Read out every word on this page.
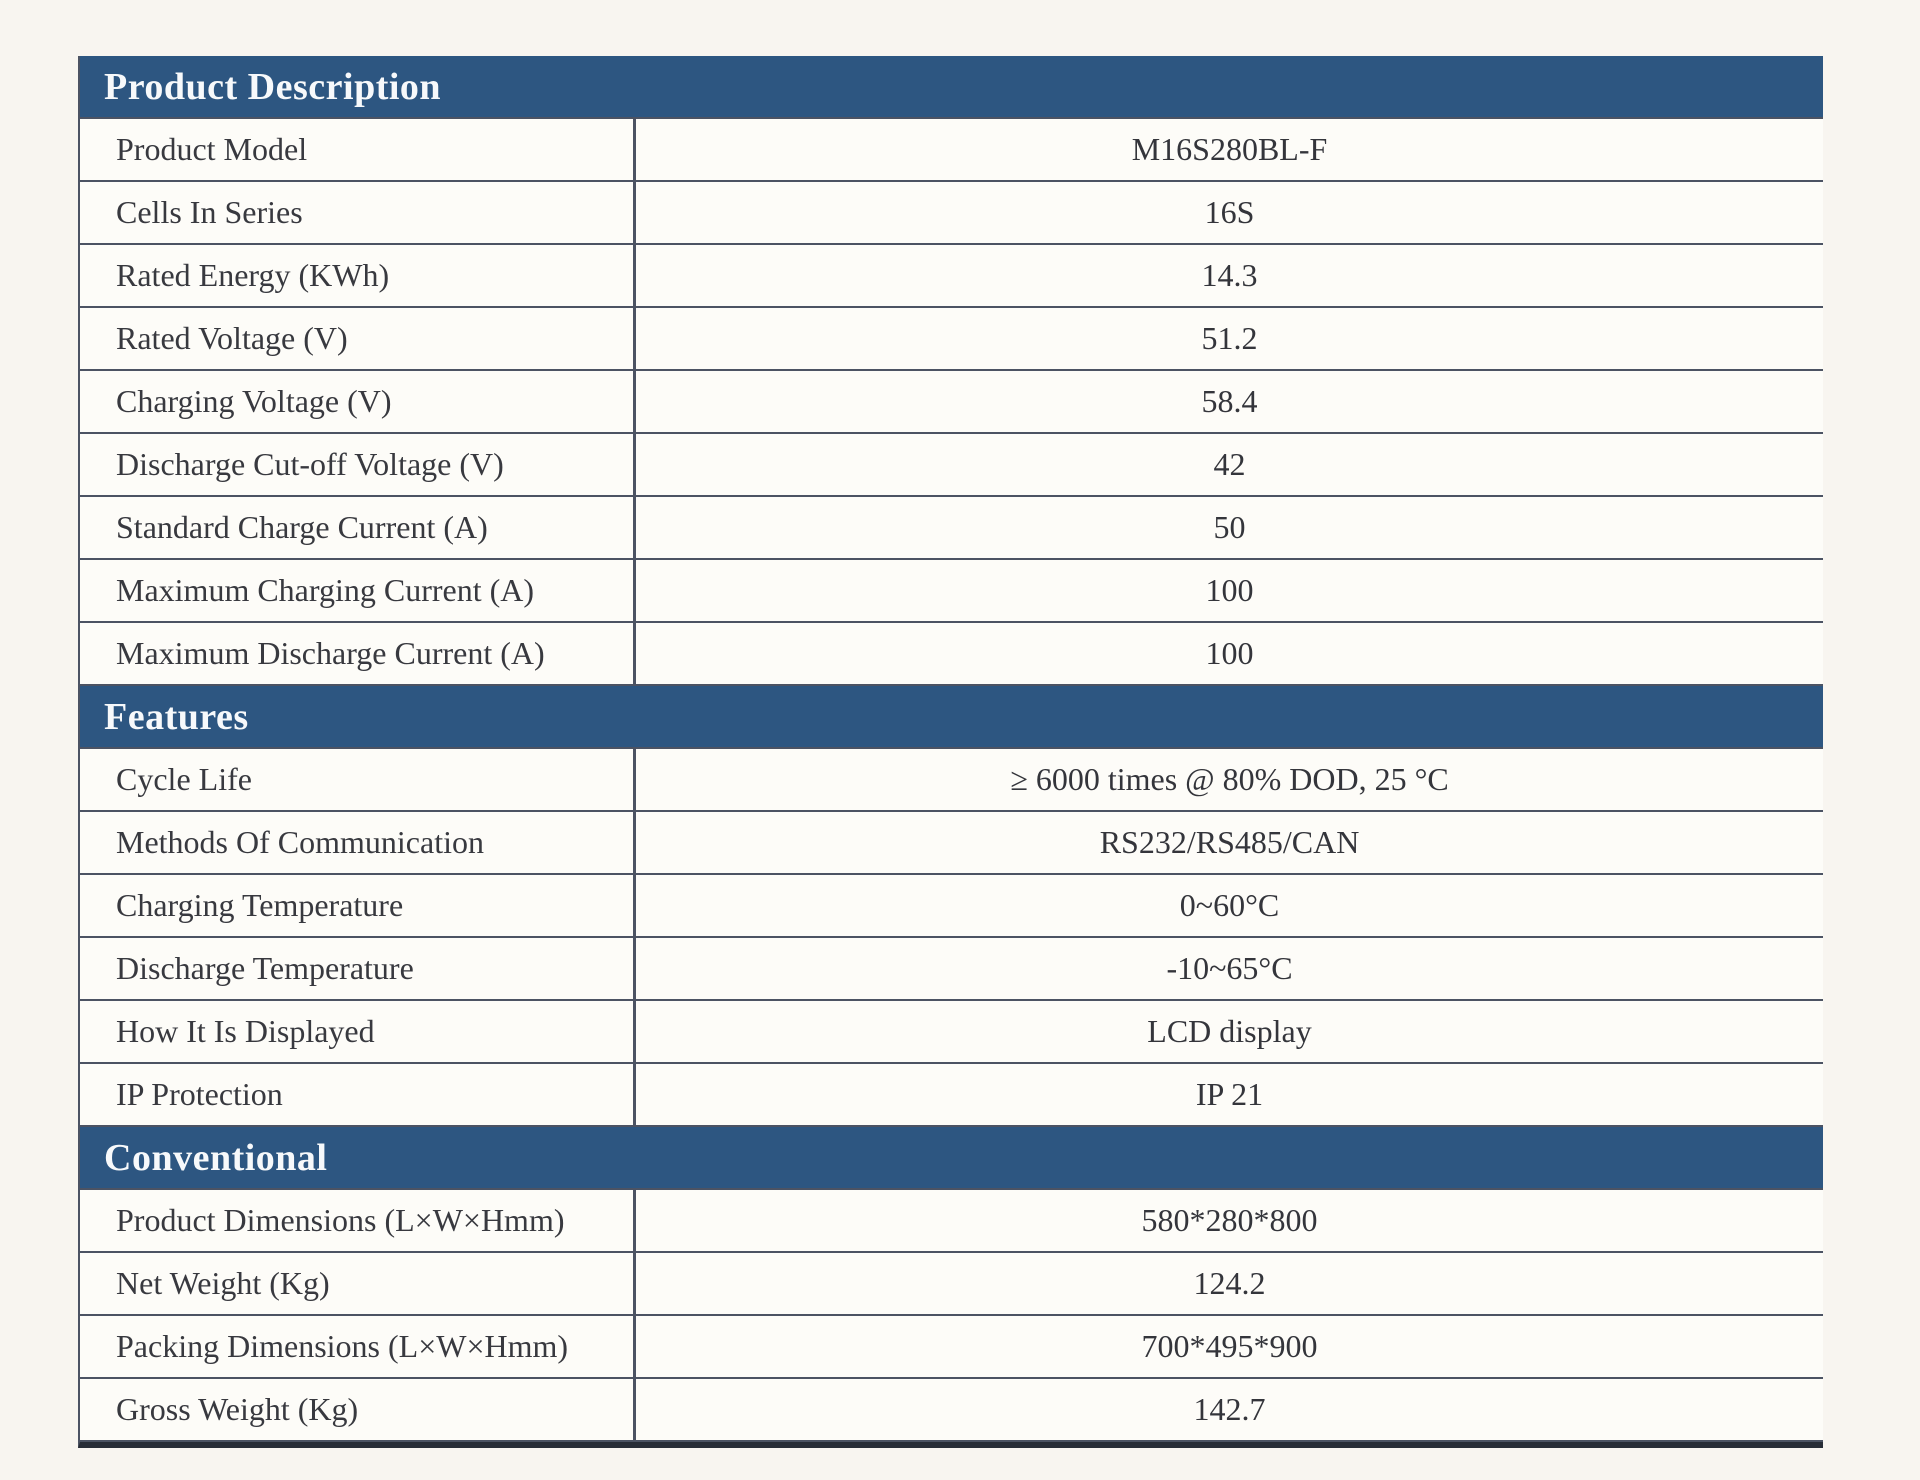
Product Description
Product Model	M16S280BL-F
Cells In Series	16S
Rated Energy (KWh)	14.3
Rated Voltage (V)	51.2
Charging Voltage (V)	58.4
Discharge Cut-off Voltage (V)	42
Standard Charge Current (A)	50
Maximum Charging Current (A)	100
Maximum Discharge Current (A)	100
Features
Cycle Life	≥ 6000 times @ 80% DOD, 25 °C
Methods Of Communication	RS232/RS485/CAN
Charging Temperature	0~60°C
Discharge Temperature	-10~65°C
How It Is Displayed	LCD display
IP Protection	IP 21
Conventional
Product Dimensions (L×W×Hmm)	580*280*800
Net Weight (Kg)	124.2
Packing Dimensions (L×W×Hmm)	700*495*900
Gross Weight (Kg)	142.7
